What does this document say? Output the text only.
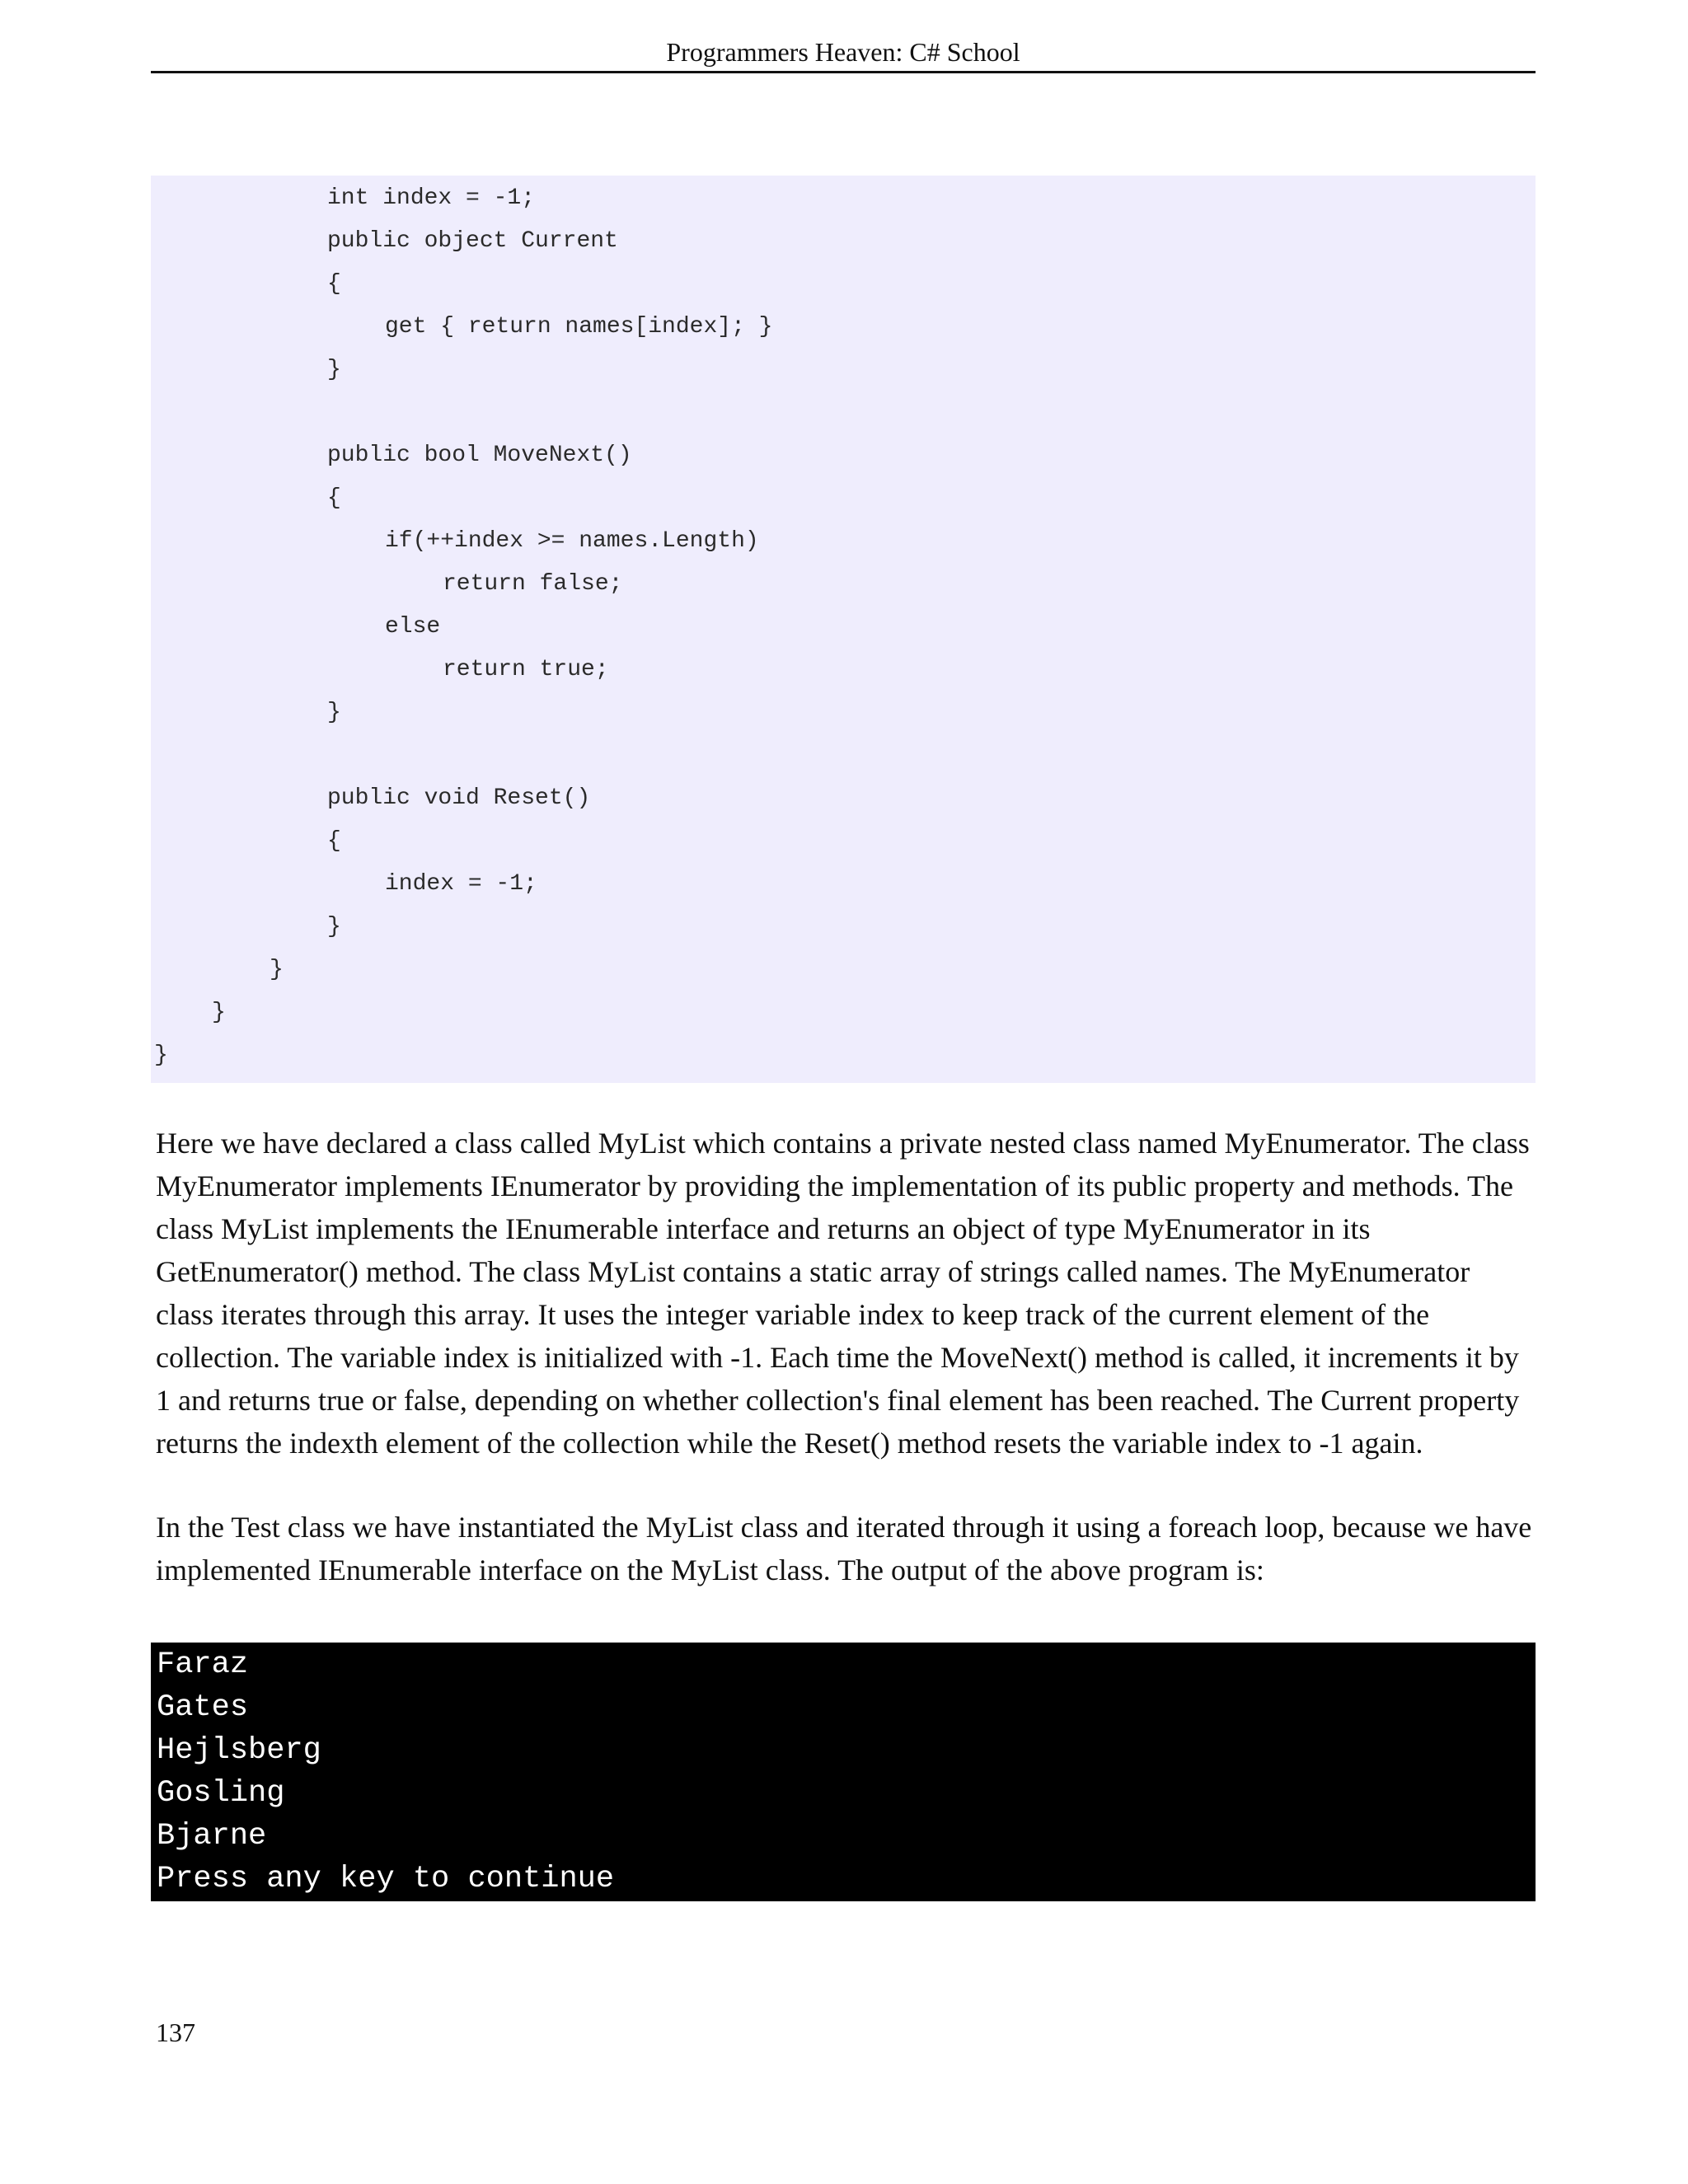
Programmers Heaven: C# School
int index = -1;
public object Current
{
get { return names[index]; }
}
public bool MoveNext()
{
if(++index >= names.Length)
return false;
else
return true;
}
public void Reset()
{
index = -1;
}
}
}
}

Here we have declared a class called MyList which contains a private nested class named MyEnumerator. The class MyEnumerator implements IEnumerator by providing the implementation of its public property and methods. The class MyList implements the IEnumerable interface and returns an object of type MyEnumerator in its GetEnumerator() method. The class MyList contains a static array of strings called names. The MyEnumerator class iterates through this array. It uses the integer variable index to keep track of the current element of the collection. The variable index is initialized with -1. Each time the MoveNext() method is called, it increments it by 1 and returns true or false, depending on whether collection's final element has been reached. The Current property returns the indexth element of the collection while the Reset() method resets the variable index to -1 again.

In the Test class we have instantiated the MyList class and iterated through it using a foreach loop, because we have implemented IEnumerable interface on the MyList class. The output of the above program is:

Faraz
Gates
Hejlsberg
Gosling
Bjarne
Press any key to continue
137
